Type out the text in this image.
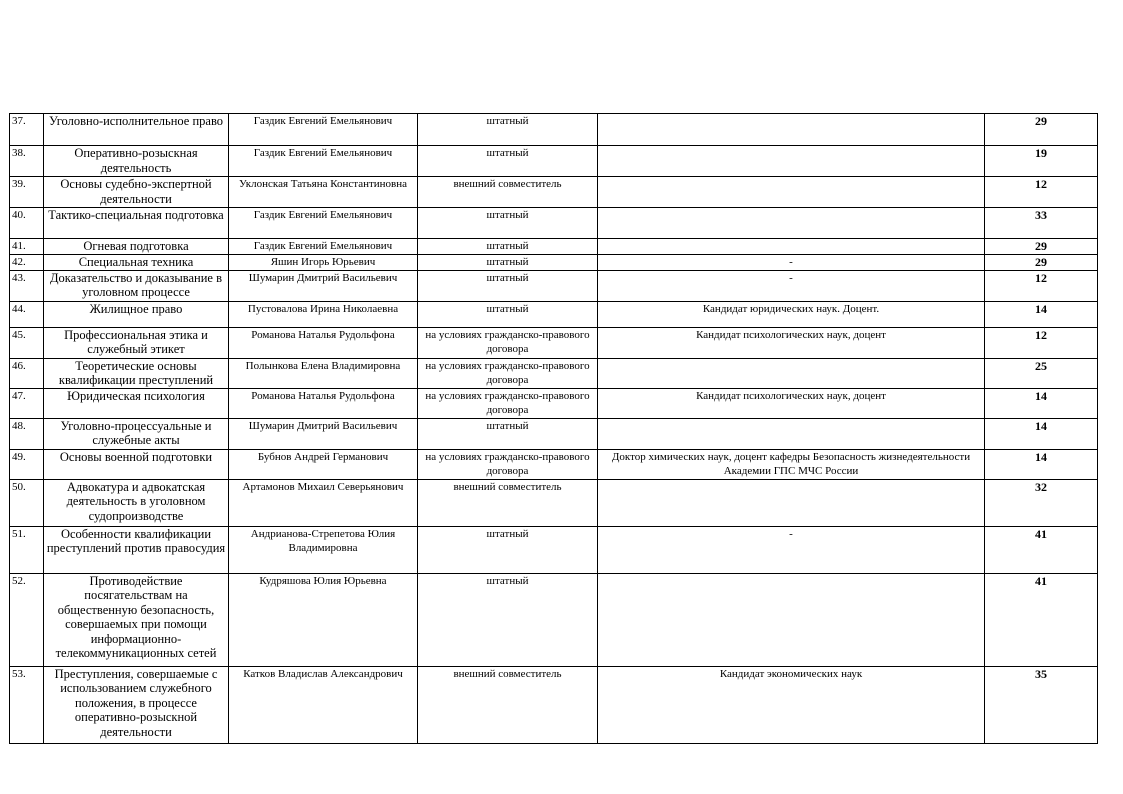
37.	Уголовно-исполнительное право	Газдик Евгений Емельянович	штатный		29
38.	Оперативно-розыскная деятельность	Газдик Евгений Емельянович	штатный		19
39.	Основы судебно-экспертной деятельности	Уклонская Татьяна Константиновна	внешний совместитель		12
40.	Тактико-специальная подготовка	Газдик Евгений Емельянович	штатный		33
41.	Огневая подготовка	Газдик Евгений Емельянович	штатный		29
42.	Специальная техника	Яшин Игорь Юрьевич	штатный	-	29
43.	Доказательство и доказывание в уголовном процессе	Шумарин Дмитрий Васильевич	штатный	-	12
44.	Жилищное право	Пустовалова Ирина Николаевна	штатный	Кандидат юридических наук. Доцент.	14
45.	Профессиональная этика и служебный этикет	Романова Наталья Рудольфона	на условиях гражданско-правового договора	Кандидат психологических наук, доцент	12
46.	Теоретические основы квалификации преступлений	Полынкова Елена Владимировна	на условиях гражданско-правового договора		25
47.	Юридическая психология	Романова Наталья Рудольфона	на условиях гражданско-правового договора	Кандидат психологических наук, доцент	14
48.	Уголовно-процессуальные и служебные акты	Шумарин Дмитрий Васильевич	штатный		14
49.	Основы военной подготовки	Бубнов Андрей Германович	на условиях гражданско-правового договора	Доктор химических наук, доцент кафедры Безопасность жизнедеятельности Академии ГПС МЧС России	14
50.	Адвокатура и адвокатская деятельность в уголовном судопроизводстве	Артамонов Михаил Северьянович	внешний совместитель		32
51.	Особенности квалификации преступлений против правосудия	Андрианова-Стрепетова Юлия Владимировна	штатный	-	41
52.	Противодействие посягательствам на общественную безопасность, совершаемых при помощи информационно-телекоммуникационных сетей	Кудряшова Юлия Юрьевна	штатный		41
53.	Преступления, совершаемые с использованием служебного положения, в процессе оперативно-розыскной деятельности	Катков Владислав Александрович	внешний совместитель	Кандидат экономических наук	35
